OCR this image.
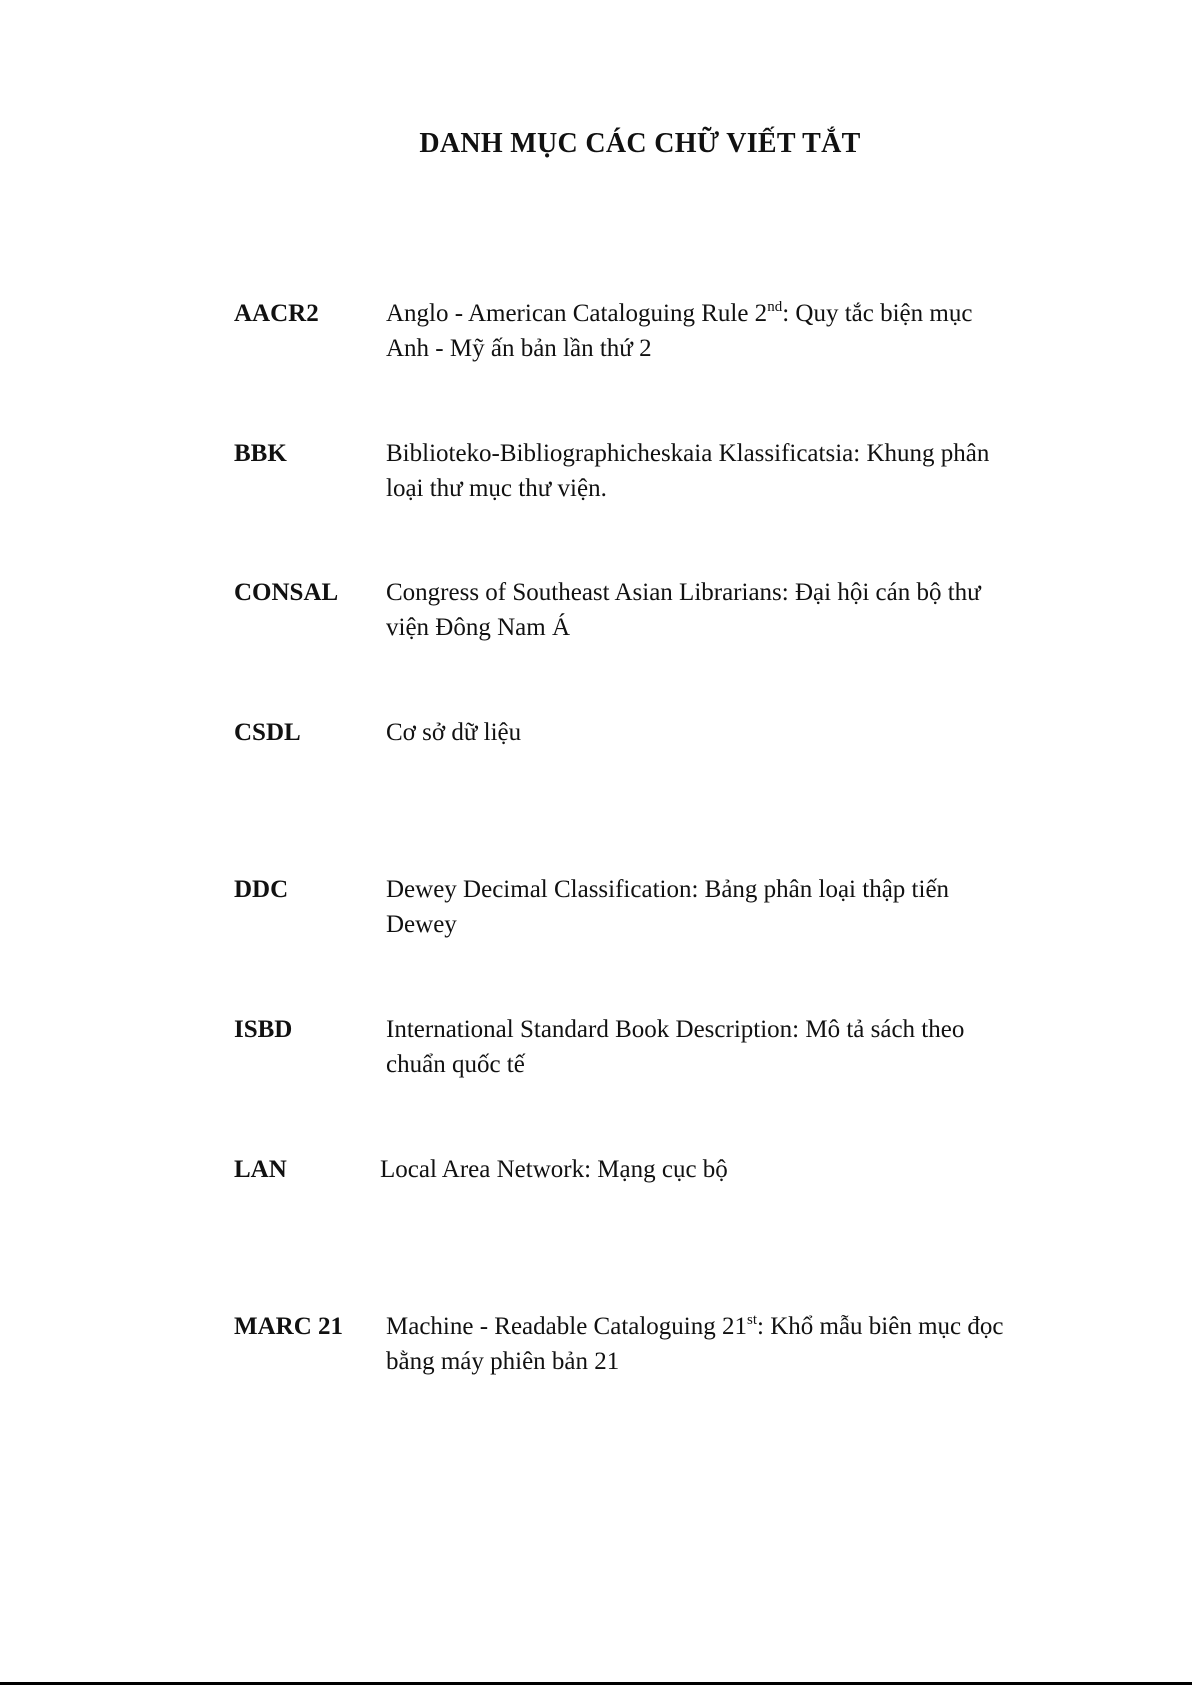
DANH MỤC CÁC CHỮ VIẾT TẮT
AACR2	Anglo - American Cataloguing Rule 2nd: Quy tắc biện mục

Anh - Mỹ ấn bản lần thứ 2

BBK	Biblioteko-Bibliographicheskaia Klassificatsia: Khung phân

loại thư mục thư viện.

CONSAL Congress of Southeast Asian Librarians: Đại hội cán bộ thư

viện Đông Nam Á

CSDL	Cơ sở dữ liệu

DDC	Dewey Decimal Classification: Bảng phân loại thập tiến

Dewey

ISBD	International Standard Book Description: Mô tả sách theo

chuẩn quốc tế

LAN	Local Area Network: Mạng cục bộ

MARC 21 Machine - Readable Cataloguing 21st: Khổ mẫu biên mục đọc

bằng máy phiên bản 21
